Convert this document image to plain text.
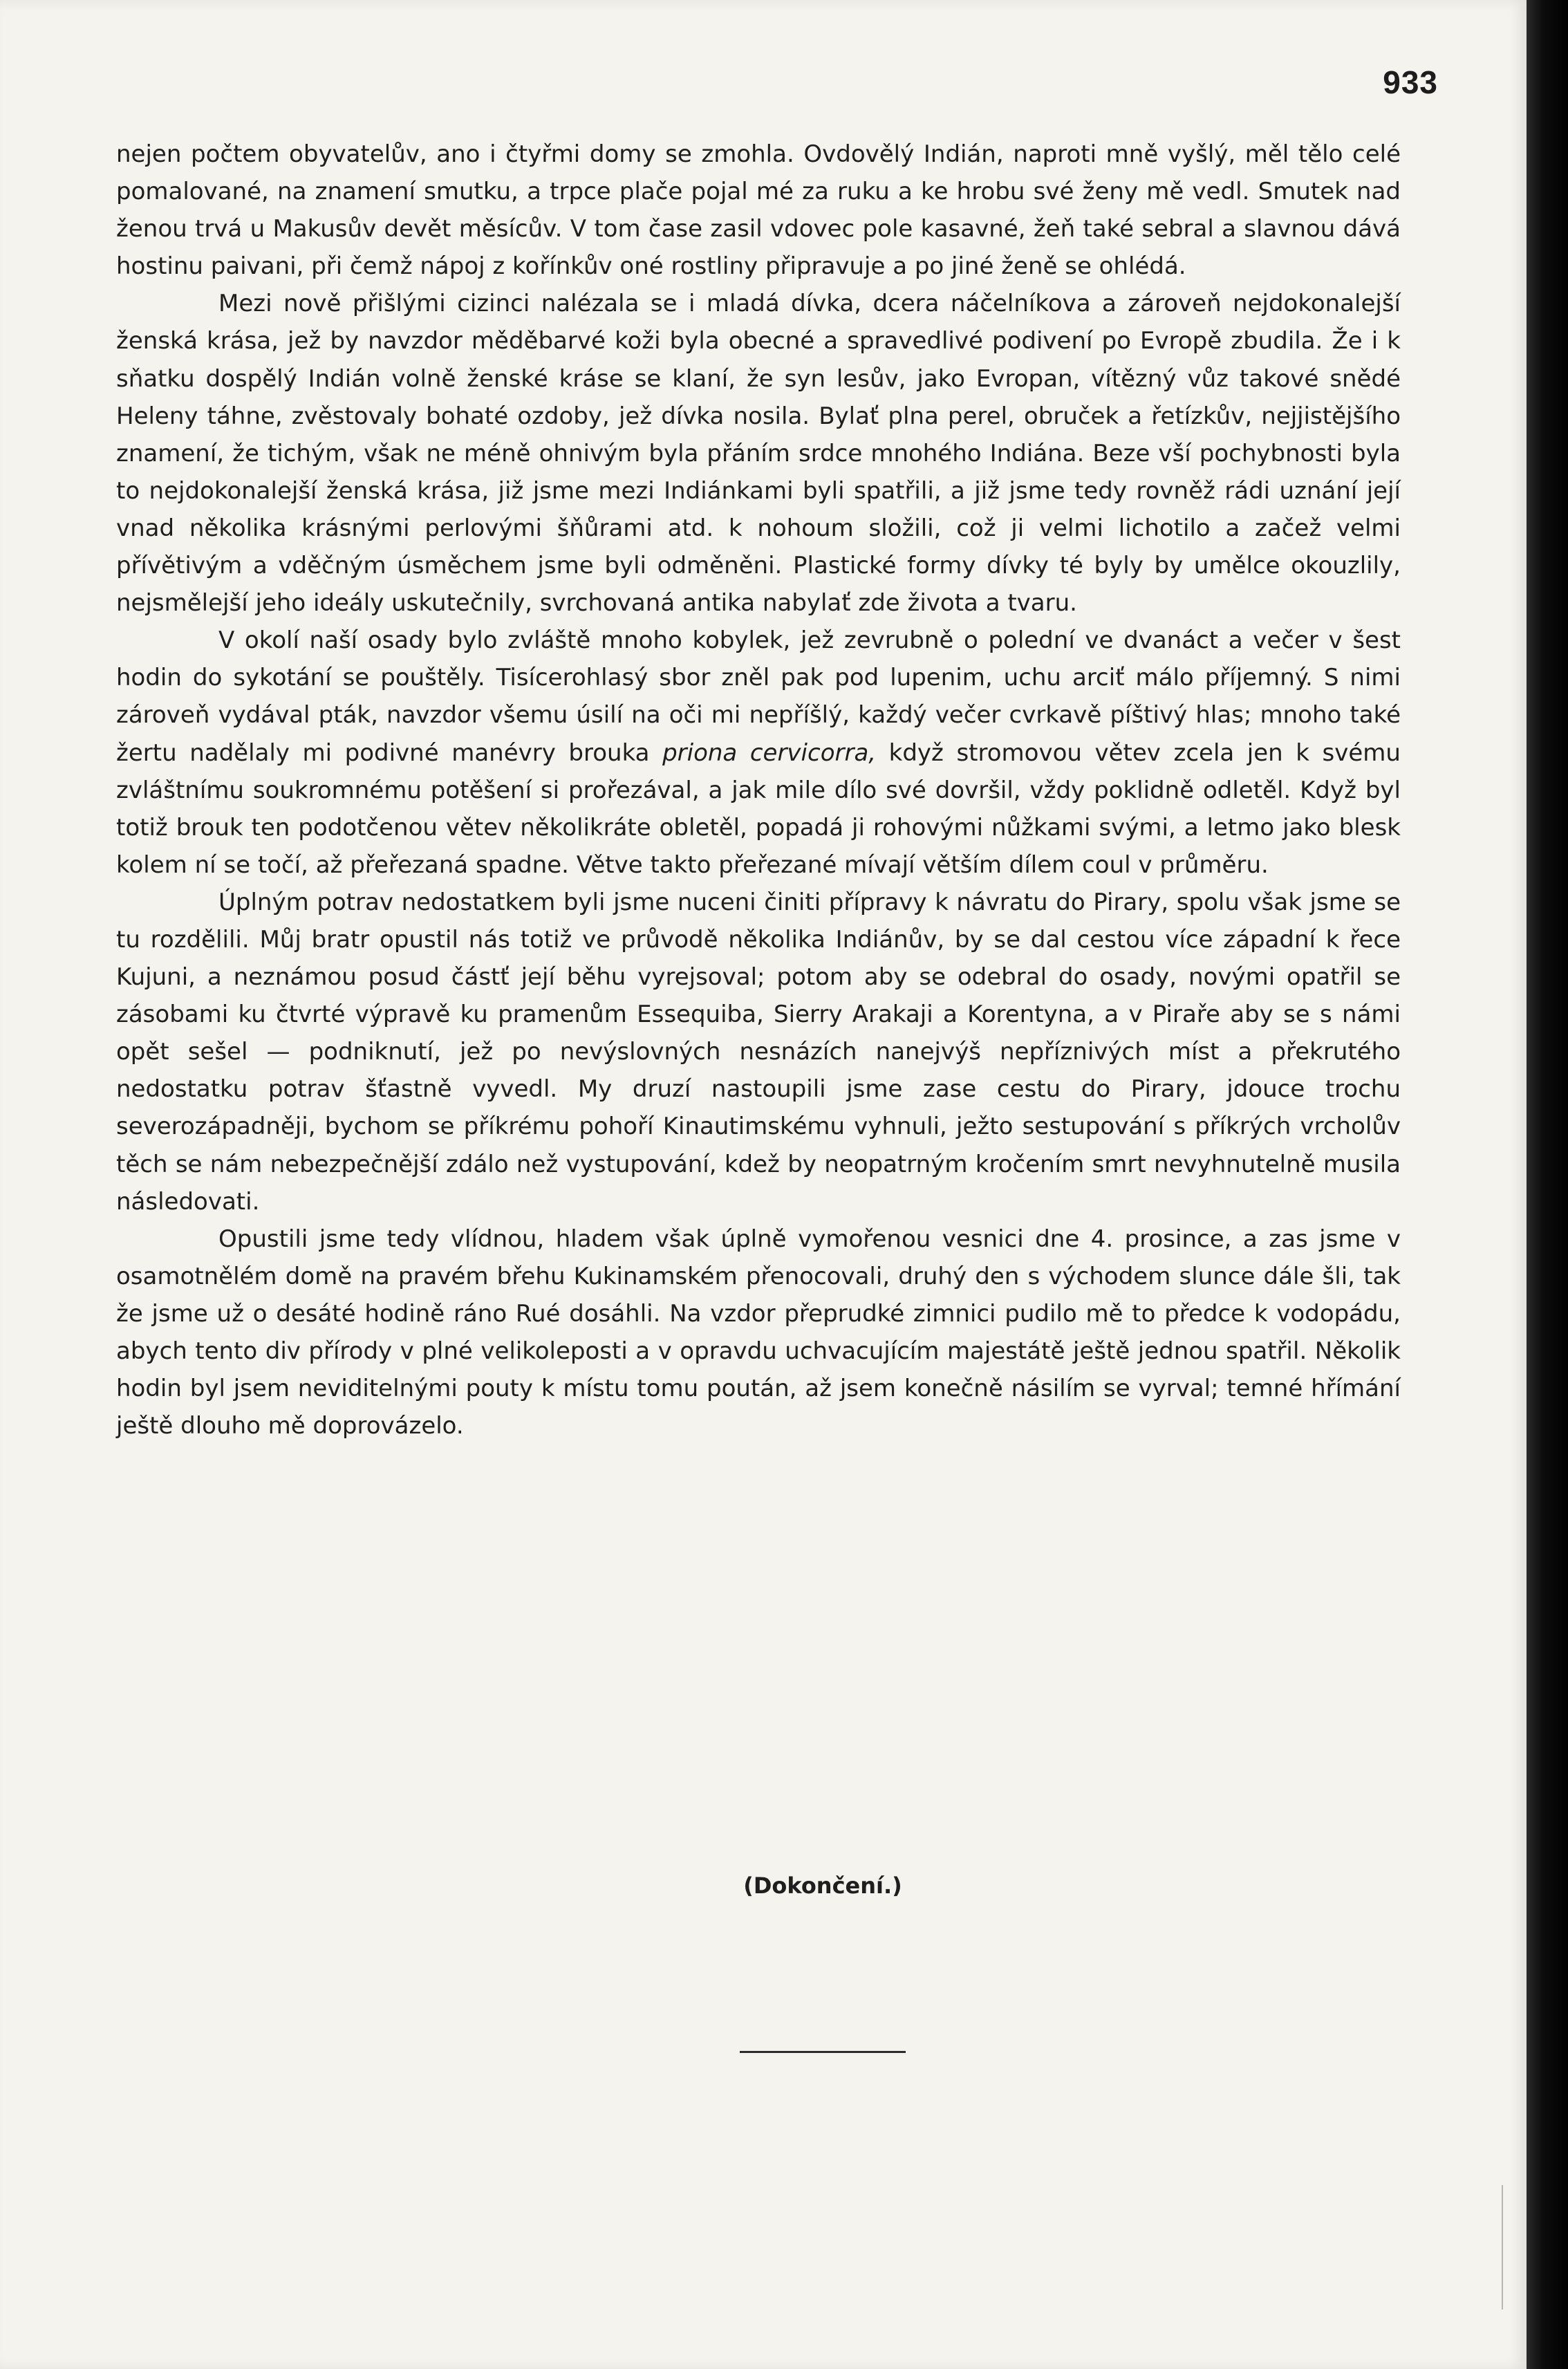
933

nejen počtem obyvatelův, ano i čtyřmi domy se zmohla. Ovdovělý Indián, naproti mně vyšlý, měl tělo celé pomalované, na znamení smutku, a trpce plače pojal mé za ruku a ke hrobu své ženy mě vedl. Smutek nad ženou trvá u Makusův devět měsícův. V tom čase zasil vdovec pole kasavné, žeň také sebral a slavnou dává hostinu paivani, při čemž nápoj z kořínkův oné rostliny připravuje a po jiné ženě se ohlédá.

Mezi nově přišlými cizinci nalézala se i mladá dívka, dcera náčelníkova a zároveň nejdokonalejší ženská krása, jež by navzdor měděbarvé koži byla obecné a spravedlivé podivení po Evropě zbudila. Že i k sňatku dospělý Indián volně ženské kráse se klaní, že syn lesův, jako Evropan, vítězný vůz takové snědé Heleny táhne, zvěstovaly bohaté ozdoby, jež dívka nosila. Bylať plna perel, obruček a řetízkův, nejjistějšího znamení, že tichým, však ne méně ohnivým byla přáním srdce mnohého Indiána. Beze vší pochybnosti byla to nejdokonalejší ženská krása, již jsme mezi Indiánkami byli spatřili, a již jsme tedy rovněž rádi uznání její vnad několika krásnými perlovými šňůrami atd. k nohoum složili, což ji velmi lichotilo a začež velmi přívětivým a vděčným úsměchem jsme byli odměněni. Plastické formy dívky té byly by umělce okouzlily, nejsmělejší jeho ideály uskutečnily, svrchovaná antika nabylať zde života a tvaru.

V okolí naší osady bylo zvláště mnoho kobylek, jež zevrubně o polední ve dvanáct a večer v šest hodin do sykotání se pouštěly. Tisícerohlasý sbor zněl pak pod lupenim, uchu arciť málo příjemný. S nimi zároveň vydával pták, navzdor všemu úsilí na oči mi nepříšlý, každý večer cvrkavě píštivý hlas; mnoho také žertu nadělaly mi podivné manévry brouka priona cervicorra, když stromovou větev zcela jen k svému zvláštnímu soukromnému potěšení si prořezával, a jak mile dílo své dovršil, vždy poklidně odletěl. Když byl totiž brouk ten podotčenou větev několikráte obletěl, popadá ji rohovými nůžkami svými, a letmo jako blesk kolem ní se točí, až přeřezaná spadne. Větve takto přeřezané mívají větším dílem coul v průměru.

Úplným potrav nedostatkem byli jsme nuceni činiti přípravy k návratu do Pirary, spolu však jsme se tu rozdělili. Můj bratr opustil nás totiž ve průvodě několika Indiánův, by se dal cestou více západní k řece Kujuni, a neznámou posud částť její běhu vyrejsoval; potom aby se odebral do osady, novými opatřil se zásobami ku čtvrté výpravě ku pramenům Essequiba, Sierry Arakaji a Korentyna, a v Piraře aby se s námi opět sešel — podniknutí, jež po nevýslovných nesnázích nanejvýš nepříznivých míst a překrutého nedostatku potrav šťastně vyvedl. My druzí nastoupili jsme zase cestu do Pirary, jdouce trochu severozápadněji, bychom se příkrému pohoří Kinautimskému vyhnuli, ježto sestupování s příkrých vrcholův těch se nám nebezpečnější zdálo než vystupování, kdež by neopatrným kročením smrt nevyhnutelně musila následovati.

Opustili jsme tedy vlídnou, hladem však úplně vymořenou vesnici dne 4. prosince, a zas jsme v osamotnělém domě na pravém břehu Kukinamském přenocovali, druhý den s východem slunce dále šli, tak že jsme už o desáté hodině ráno Rué dosáhli. Na vzdor přeprudké zimnici pudilo mě to předce k vodopádu, abych tento div přírody v plné velikoleposti a v opravdu uchvacujícím majestátě ještě jednou spatřil. Několik hodin byl jsem neviditelnými pouty k místu tomu poután, až jsem konečně násilím se vyrval; temné hřímání ještě dlouho mě doprovázelo.

(Dokončení.)
